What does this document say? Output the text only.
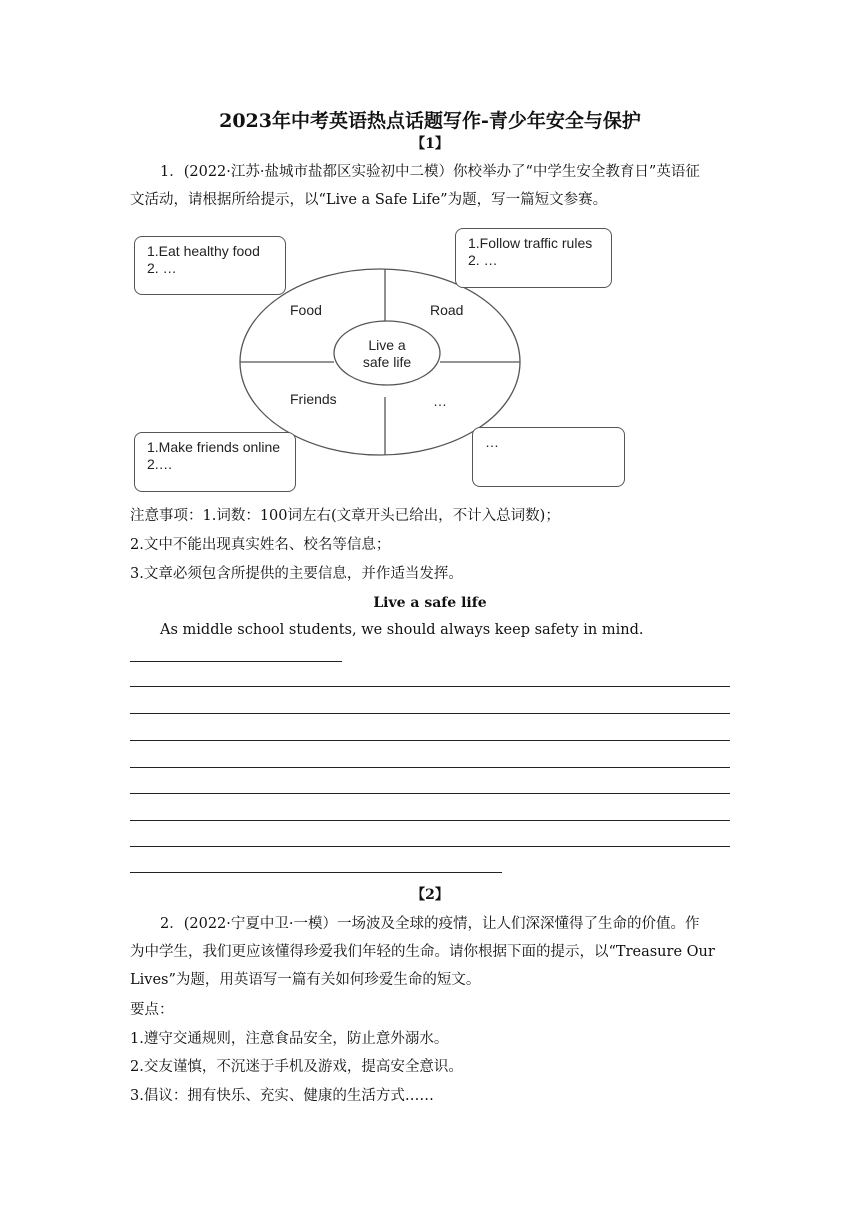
2023年中考英语热点话题写作-青少年安全与保护
【1】
1．(2022·江苏·盐城市盐都区实验初中二模）你校举办了“中学生安全教育日”英语征
文活动，请根据所给提示，以“Live a Safe Life”为题，写一篇短文参赛。
Live a
safe life
Food	Road
Friends	…
1.Eat healthy food
2. …
1.Follow traffic rules
2. …
1.Make friends online
2.…
…
注意事项：1.词数：100词左右(文章开头已给出，不计入总词数)；
2.文中不能出现真实姓名、校名等信息；
3.文章必须包含所提供的主要信息，并作适当发挥。
Live a safe life
As middle school students, we should always keep safety in mind.
【2】
2．(2022·宁夏中卫·一模）一场波及全球的疫情，让人们深深懂得了生命的价值。作
为中学生，我们更应该懂得珍爱我们年轻的生命。请你根据下面的提示，以“Treasure Our
Lives”为题，用英语写一篇有关如何珍爱生命的短文。
要点：
1.遵守交通规则，注意食品安全，防止意外溺水。
2.交友谨慎，不沉迷于手机及游戏，提高安全意识。
3.倡议：拥有快乐、充实、健康的生活方式……
